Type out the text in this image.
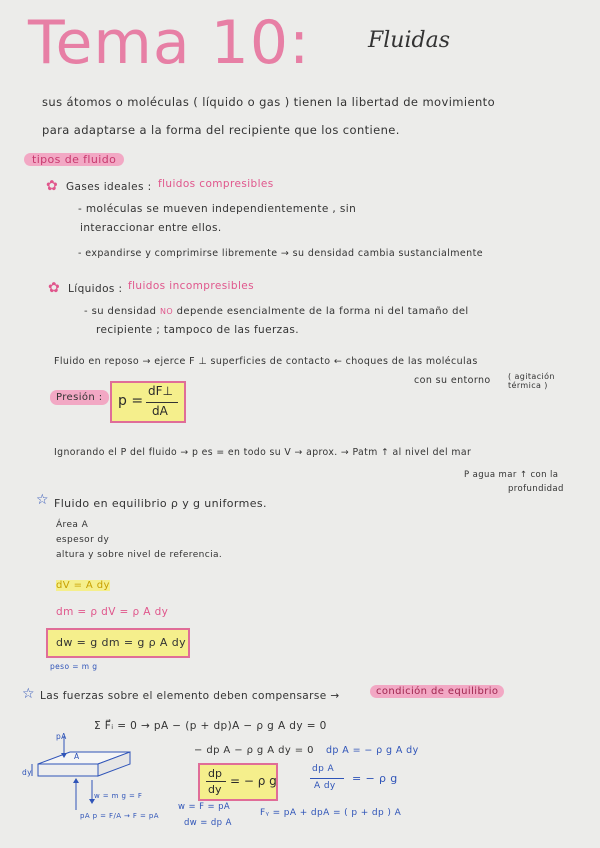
Tema 10:	Fluidas
sus átomos o moléculas ( líquido o gas ) tienen la libertad de movimiento
para adaptarse a la forma del recipiente que los contiene.
tipos de fluido
✿ Gases ideales : fluidos compresibles
- moléculas se mueven independientemente , sin
interaccionar entre ellos.
- expandirse y comprimirse libremente → su densidad cambia sustancialmente
✿ Líquidos : fluidos incompresibles
- su densidad NO depende esencialmente de la forma ni del tamaño del
recipiente ; tampoco de las fuerzas.
Fluido en reposo → ejerce F ⊥ superficies de contacto ← choques de las moléculas
con su entorno ( agitación térmica )
Presión :	p =
dF⊥
dA
Ignorando el P del fluido → p es = en todo su V → aprox. → Patm ↑ al nivel del mar
P agua mar ↑ con la
profundidad
☆ Fluido en equilibrio ρ y g uniformes.
Área A
espesor dy
altura y sobre nivel de referencia.
dV = A dy
dm = ρ dV = ρ A dy
dw = g dm = g ρ A dy
peso = m g
☆ Las fuerzas sobre el elemento deben compensarse →	condición de equilibrio
Σ F⃗ᵢ = 0 → pA − (p + dp)A − ρ g A dy = 0
− dp A − ρ g A dy = 0 dp A = − ρ g A dy
dp
dy
= − ρ g
dp A
A dy
= − ρ g
Fᵧ = pA + dpA = ( p + dp ) A
w = F = pA
dw = dp A
pA
A
dy
w = m g = F
pA p = F/A → F = pA
